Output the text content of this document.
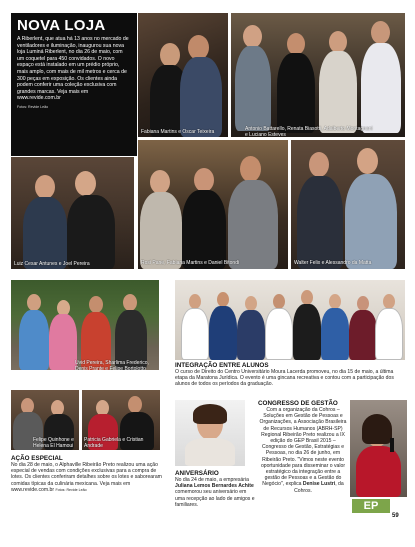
NOVA LOJA

A Riberlent, que atua há 13 anos no mercado de ventiladores e iluminação, inaugurou sua nova loja Luminá Riberlent, no dia 26 de maio, com um coquetel para 450 convidados. O novo espaço está instalado em um prédio próprio, mais amplo, com mais de mil metros e cerca de 300 peças em exposição. Os clientes ainda podem conferir uma coleção exclusiva com grandes marcas. Veja mais em www.revide.com.br

Fotos: Revide Leão

Fabiana Martins e Oscar Teixeira	Antonio Battarello, Renata Biasotti, Adalberto Montagnani e Luciano Esteves
Luiz Cesar Antunes e Joel Pereira	Rosi Pane, Fabiana Martins e Daniel Bitondi	Walter Felix e Alessandro da Matta
Uvid Pereira, Sharlima Frederico, Denis Prante e Felipe Bortolotto	INTEGRAÇÃO ENTRE ALUNOS
O curso de Direito do Centro Universitário Moura Lacerda promoveu, no dia 15 de maio, a última etapa da Maratona Jurídica. O evento é uma gincana recreativa e contou com a participação dos alunos de todos os períodos da graduação.
Felipe Quinhone e Helena El Hamoui
Patricia Gabriela e Cristian Andrade
AÇÃO ESPECIAL
No dia 28 de maio, o Alphaville Ribeirão Preto realizou uma ação especial de vendas com condições exclusivas para a compra de lotes. Os clientes conferiram detalhes sobre os lotes e saborearam comidas típicas da culinária mexicana. Veja mais em www.revide.com.br Fotos: Revide Leão
ANIVERSÁRIO
No dia 24 de maio, a empresária Juliana Lemos Bernardes Achite comemorou seu aniversário em uma recepção ao lado de amigos e familiares.
CONGRESSO DE GESTÃO
Com a organização da Cohros – Soluções em Gestão de Pessoas e Organizações, a Associação Brasileira de Recursos Humanos (ABRH-SP) Regional Ribeirão Preto realizou a IX edição do GEP Brasil 2015 – Congresso de Gestão, Estratégias e Pessoas, no dia 26 de junho, em Ribeirão Preto. "Vimos neste evento oportunidade para disseminar o valor estratégico da integração entre a gestão de Pessoas e a Gestão do Negócio", explica Denise Lustri, da Cohros.
EP
59
